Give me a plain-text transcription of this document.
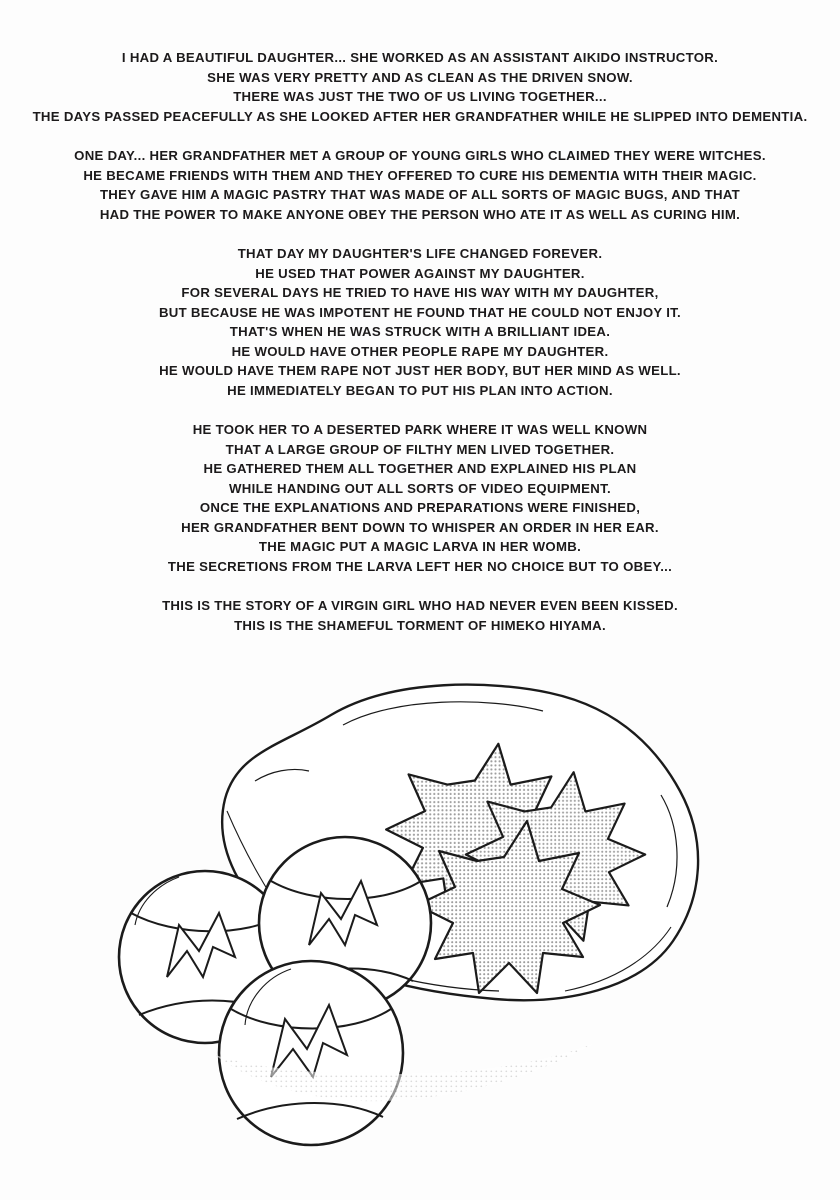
I HAD A BEAUTIFUL DAUGHTER... SHE WORKED AS AN ASSISTANT AIKIDO INSTRUCTOR.
SHE WAS VERY PRETTY AND AS CLEAN AS THE DRIVEN SNOW.
THERE WAS JUST THE TWO OF US LIVING TOGETHER...
THE DAYS PASSED PEACEFULLY AS SHE LOOKED AFTER HER GRANDFATHER WHILE HE SLIPPED INTO DEMENTIA.

ONE DAY... HER GRANDFATHER MET A GROUP OF YOUNG GIRLS WHO CLAIMED THEY WERE WITCHES.
HE BECAME FRIENDS WITH THEM AND THEY OFFERED TO CURE HIS DEMENTIA WITH THEIR MAGIC.
THEY GAVE HIM A MAGIC PASTRY THAT WAS MADE OF ALL SORTS OF MAGIC BUGS, AND THAT
HAD THE POWER TO MAKE ANYONE OBEY THE PERSON WHO ATE IT AS WELL AS CURING HIM.

THAT DAY MY DAUGHTER'S LIFE CHANGED FOREVER.
HE USED THAT POWER AGAINST MY DAUGHTER.
FOR SEVERAL DAYS HE TRIED TO HAVE HIS WAY WITH MY DAUGHTER,
BUT BECAUSE HE WAS IMPOTENT HE FOUND THAT HE COULD NOT ENJOY IT.
THAT'S WHEN HE WAS STRUCK WITH A BRILLIANT IDEA.
HE WOULD HAVE OTHER PEOPLE RAPE MY DAUGHTER.
HE WOULD HAVE THEM RAPE NOT JUST HER BODY, BUT HER MIND AS WELL.
HE IMMEDIATELY BEGAN TO PUT HIS PLAN INTO ACTION.

HE TOOK HER TO A DESERTED PARK WHERE IT WAS WELL KNOWN
THAT A LARGE GROUP OF FILTHY MEN LIVED TOGETHER.
HE GATHERED THEM ALL TOGETHER AND EXPLAINED HIS PLAN
WHILE HANDING OUT ALL SORTS OF VIDEO EQUIPMENT.
ONCE THE EXPLANATIONS AND PREPARATIONS WERE FINISHED,
HER GRANDFATHER BENT DOWN TO WHISPER AN ORDER IN HER EAR.
THE MAGIC PUT A MAGIC LARVA IN HER WOMB.
THE SECRETIONS FROM THE LARVA LEFT HER NO CHOICE BUT TO OBEY...

THIS IS THE STORY OF A VIRGIN GIRL WHO HAD NEVER EVEN BEEN KISSED.
THIS IS THE SHAMEFUL TORMENT OF HIMEKO HIYAMA.
